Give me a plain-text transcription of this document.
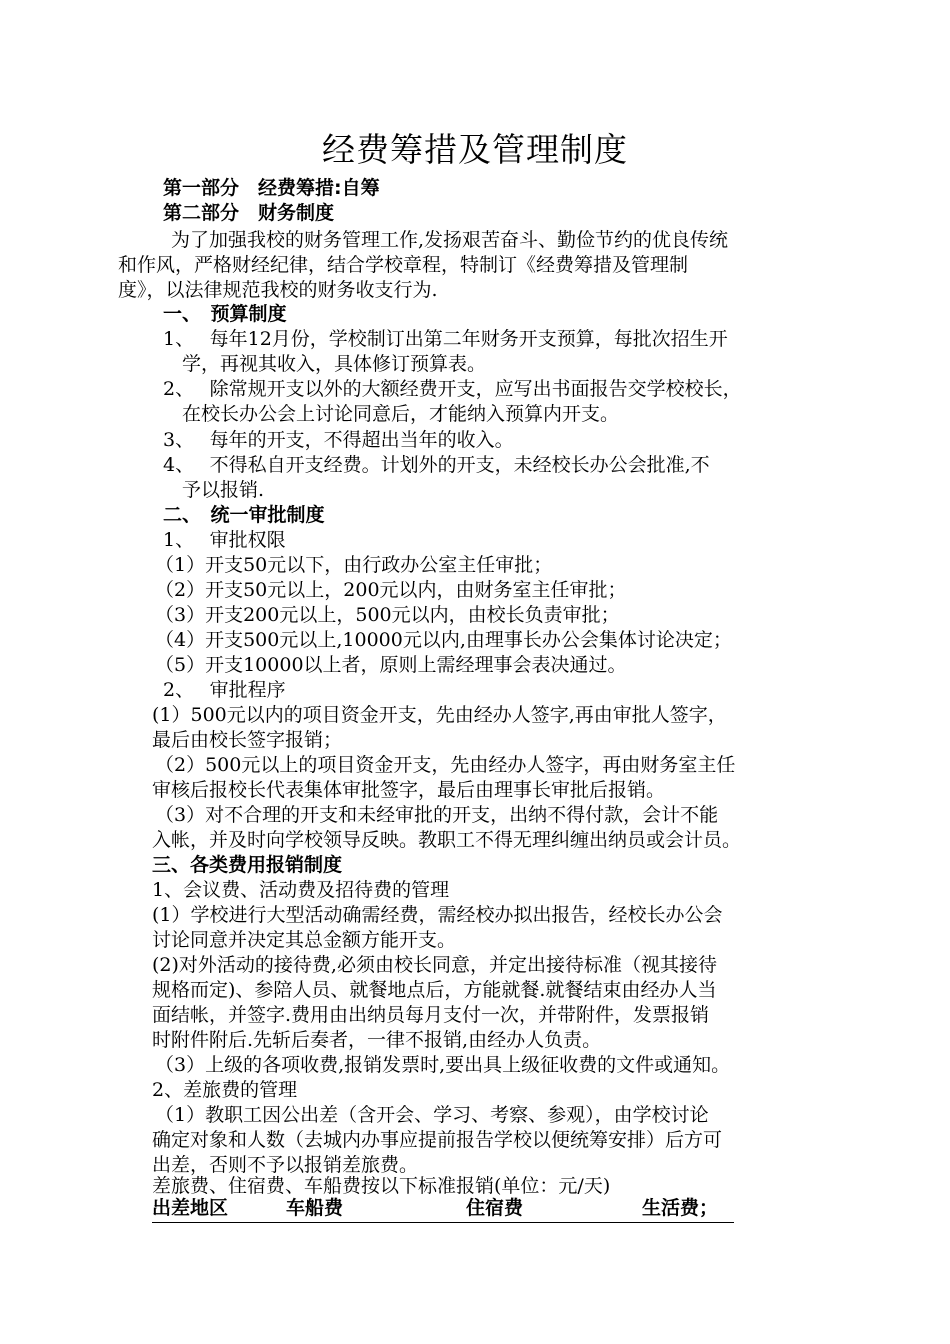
经费筹措及管理制度
第一部分　经费筹措:自筹
第二部分　财务制度
为了加强我校的财务管理工作,发扬艰苦奋斗、勤俭节约的优良传统
和作风，严格财经纪律，结合学校章程，特制订《经费筹措及管理制
度》，以法律规范我校的财务收支行为.
一、　预算制度
1、　 每年12月份，学校制订出第二年财务开支预算，每批次招生开
学，再视其收入，具体修订预算表。
2、　 除常规开支以外的大额经费开支，应写出书面报告交学校校长，
在校长办公会上讨论同意后，才能纳入预算内开支。
3、　 每年的开支，不得超出当年的收入。
4、　 不得私自开支经费。计划外的开支，未经校长办公会批准,不
予以报销.
二、　统一审批制度
1、　 审批权限
（1）开支50元以下，由行政办公室主任审批；
（2）开支50元以上，200元以内，由财务室主任审批；
（3）开支200元以上，500元以内，由校长负责审批；
（4）开支500元以上,10000元以内,由理事长办公会集体讨论决定；
（5）开支10000以上者，原则上需经理事会表决通过。
2、　 审批程序
(1）500元以内的项目资金开支，先由经办人签字,再由审批人签字，
最后由校长签字报销；
（2）500元以上的项目资金开支，先由经办人签字，再由财务室主任
审核后报校长代表集体审批签字，最后由理事长审批后报销。
（3）对不合理的开支和未经审批的开支，出纳不得付款，会计不能
入帐，并及时向学校领导反映。教职工不得无理纠缠出纳员或会计员。
三、各类费用报销制度
1、会议费、活动费及招待费的管理
(1）学校进行大型活动确需经费，需经校办拟出报告，经校长办公会
讨论同意并决定其总金额方能开支。
(2)对外活动的接待费,必须由校长同意，并定出接待标准（视其接待
规格而定)、参陪人员、就餐地点后，方能就餐.就餐结束由经办人当
面结帐，并签字.费用由出纳员每月支付一次，并带附件，发票报销
时附件附后.先斩后奏者，一律不报销,由经办人负责。
（3）上级的各项收费,报销发票时,要出具上级征收费的文件或通知。
2、差旅费的管理
（1）教职工因公出差（含开会、学习、考察、参观），由学校讨论
确定对象和人数（去城内办事应提前报告学校以便统筹安排）后方可
出差，否则不予以报销差旅费。
差旅费、住宿费、车船费按以下标准报销(单位：元/天)
出差地区	车船费	住宿费	生活费；
